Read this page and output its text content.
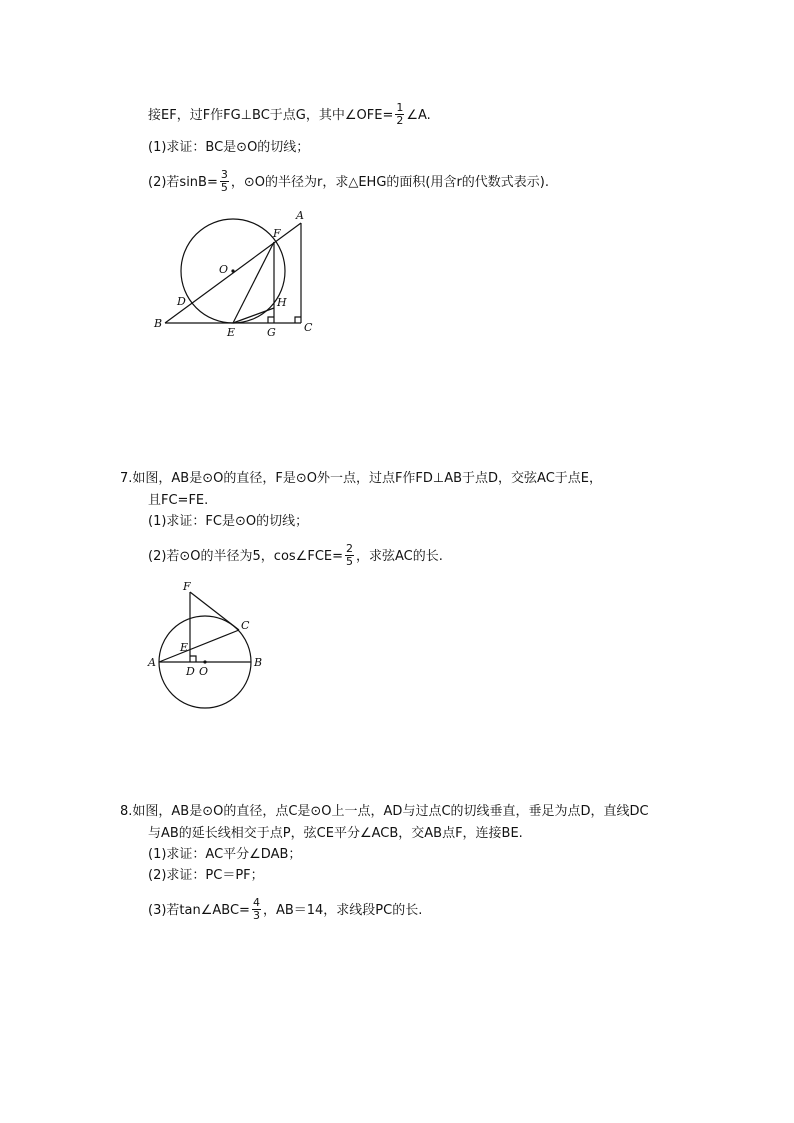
接EF，过F作FG⊥BC于点G，其中∠OFE= $\frac{1}{2}$ ∠A.
(1)求证：BC是⊙O的切线；
(2)若$\sin B= \frac{3}{5}$ ，⊙O的半径为r，求△EHG的面积(用含r的代数式表示).
A
F
O
D	H
B
E	G	C
7.如图，AB是⊙O的直径，F是⊙O外一点，过点F作FD⊥AB于点D，交弦AC于点E，
且FC=FE.
(1)求证：FC是⊙O的切线；
(2)若⊙O的半径为5，cos∠FCE= $\frac{2}{5}$ ，求弦AC的长.
F
C
E
A
D O
B
8.如图，AB是⊙O的直径，点C是⊙O上一点，AD与过点C的切线垂直，垂足为点D，直线DC
与AB的延长线相交于点P，弦CE平分∠ACB，交AB点F，连接BE.
(1)求证：AC平分∠DAB；
(2)求证：PC＝PF；
(3)若tan∠ABC= $\frac{4}{3}$ ，AB＝14，求线段PC的长.
